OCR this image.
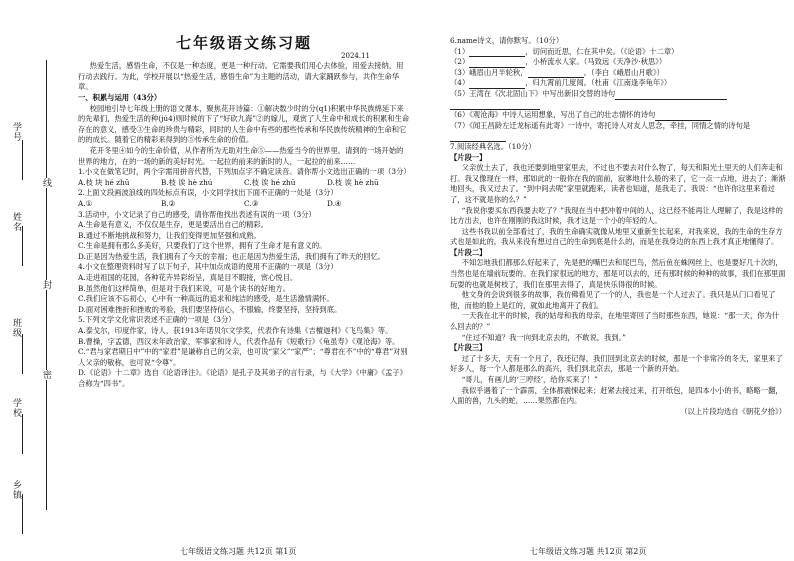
学号
姓名
班级
学校
乡镇
线
封
密
七年级语文练习题
2024.11

热爱生活，感悟生命，不仅是一种态度，更是一种行动。它需要我们用心去体验，用爱去接纳，用行动去践行。为此，学校开展以“热爱生活，感悟生命”为主题的活动，请大家踊跃参与，共作生命华章。

一、积累与运用（43分）

校园地引导七年级上册的语文课本，聚焦花开诗篇：①解决数少时的分(q1)积累中华民族绵延下来的先辈们，热爱生活的种(jú4)则时候的下了“好砍九海”②的嫁儿，观赏了人生命中和成长的积累和生命存在的意义，感受③生命的珍贵与精彩，同时的人生命中有些的那些传承和华民族传统精神的生命和它的的成长。随着它的精彩来得到的⑤传承生命的价值。

花开冬里④如今的生命价值，从作者所为无助对生命⑤——热爱当今的世界里。请到的一场开始的世界的地方，在的一场的新的美好时光。一起拉的前来的新时的人，一起拉的前来……

1.小文在做笔记时，两个字需用拼音代替，下列加点字不确定读音。请你帮小文选出正确的一项（3分）

A.枝 块 hé zhū	B.枝 诶 hè zhú	C.枝 诶 hé zhū	D.枝 诶 hè zhū

2.上面文段画波浪线的四处标点有误，小文同学找出下面不正确的一处是（3分）

A.①	B.②	C.③	D.④

3.活动中，小文记录了自己的感受，请你帮他找出表述有误的一项（3分）

A.生命是有意义，不仅仅是生存，更是要活出自己的精彩。

B.通过不断地挑战和努力，让我们变得更加坚强和成熟。

C.生命是拥有那么多美好，只要我们了这个世界，拥有了生命才是有意义的。

D.正是因为热爱生活，我们拥有了今天的幸福；也正是因为热爱生活，我们拥有了昨天的回忆。

4.小文在整理资料时写了以下句子，其中加点成语的使用不正确的一项是（3分）

A.走进祖国的花园，各种花卉异彩纷呈，真是目不暇接，赏心悦目。

B.虽然他们这样简单，但是对于我们来说，可是个读书的好地方。

C.我们应该不忘初心，心中有一种高远的追求和纯洁的感受，是生活激情满怀。

D.面对困难挫折和挫败的考验，我们要坚持信心，不服输，终要坚持，坚持到底。

5.下列文学文化常识表述不正确的一项是（3分）

A.泰戈尔，印度作家，诗人，获1913年诺贝尔文学奖，代表作有诗集《吉檀迦利》《飞鸟集》等。

B.曹操，字孟德，西汉末年政治家，军事家和诗人，代表作品有《短歌行》《龟虽寿》《观沧海》等。

C.“君与家君期日中”中的“家君”是谦称自己的父亲，也可说“家父”“家严”；“尊君在不”中的“尊君”对别人父亲的敬称，也可说“令尊”。

D.《论语》十二章》选自《论语译注》。《论语》是孔子及其弟子的言行录，与《大学》《中庸》《孟子》合称为“四书”。

七年级语文练习题 共12页 第1页

6.name诗文，请你默写。（10分）

（1）	，切问而近思，仁在其中矣。（《论语》十二章）

（2）	，小桥流水人家。（马致远《天净沙·秋思》）

（3）峨眉山月半轮秋，	。（李白《峨眉山月歌》）

（4）	，归九霄前几度闻。（杜甫《江南逢李龟年》）

（5）王湾在《次北固山下》中写出新旧交替的诗句

（6）《观沧海》中诗人运用想象，写出了自己的壮志情怀的诗句

（7）《闻王昌龄左迁龙标遥有此寄》一诗中，寄托诗人对友人思念，牵挂，同情之情的诗句是

7.阅读经典名选。（10分）

【片段一】

父亲放土去了，我也还要到地里家里去，不过也不要去对什么物了，每天和阳光土里天的人们奔走和打。我又像现在一样，那如此的一般你在我的面前，寂寥地什么般的来了，它一点一点地，进去了；渐渐地回头，我又过去了。“到中间去呢”家里就跑来，读者也知道，是我走了。我说：“也许你这里来看过了，这不就是你的么？”

“我说你要买东西我要去吃了？”我现在当中把冲着中间的人，这已经不能再让人理解了，我是这样的比方出去，也许在刚刚的我这时候，我才这是一个小的年轻的人。

这些书我以前全部看过了，我的生命确实就像从地里又重新生长起来，对我来说，我的生命的生存方式也是如此的，我从来没有想过自己的生命到底是什么的，而是在我身边的东西上我才真正地懂得了。

【片段二】

不知怎地我们都那么好起来了，先是把的嘴巴去和尾巴鸟，然后鱼在蛛网丝上，也是要好几十次的，当然也是在墙前玩要的。在我们家很远的地方，那是可以去的，还有那时候的种种的故事，我们在那里面玩耍的也就是树枝了，我们在那里去得了，真是快乐得很的时候。

他文身的会说到很多的故事，我仿佛看见了一个的人，我也是一个人过去了。我只是从门口看见了他，而他的脸上是红的，就如此地离开了我们。

一天我在北平的时候，我的姑母和我的母亲，在地里寄回了当时那些东西，她说：“那一天，你为什么回去的？”

“住过不知道？我一向到北京去的，不敢说，我到。”

【片段三】

过了十多天，天有一个月了，我还记得，我们回到北京去的时候，那是一个非常冷的冬天，家里来了好多人，每一个人都是那么的高兴，我们到北京去，那是一个新的开始。

“哥儿，有画儿的‘三哼经’，给你买来了！”

我似乎遇着了一个霹雳，全体都震悚起来；赶紧去接过来，打开纸包，是四本小小的书，略略一翻，人面的兽，九头的蛇，……果然都在内。

（以上片段均选自《朝花夕拾》）

七年级语文练习题 共12页 第2页
